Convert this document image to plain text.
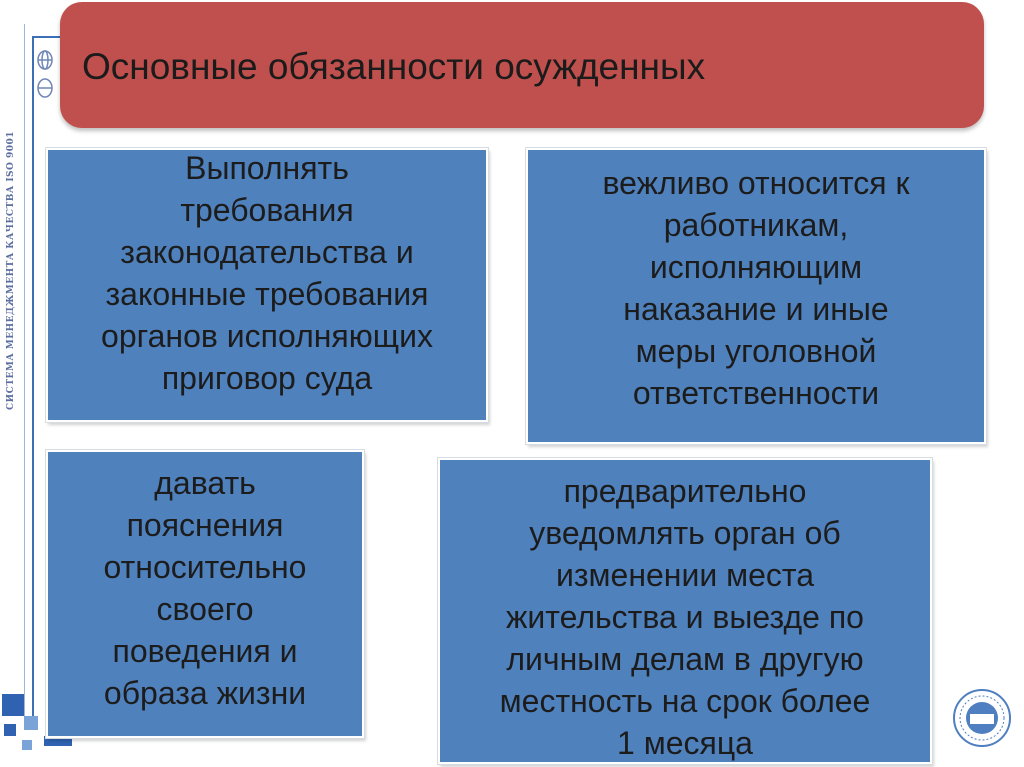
СИСТЕМА МЕНЕДЖМЕНТА КАЧЕСТВА ISO 9001
Основные обязанности осужденных
Выполнять
требования
законодательства и
законные требования
органов исполняющих
приговор суда
вежливо относится к
работникам,
исполняющим
наказание и иные
меры уголовной
ответственности
давать
пояснения
относительно
своего
поведения и
образа жизни
предварительно
уведомлять орган об
изменении места
жительства и выезде по
личным делам в другую
местность на срок более
1 месяца
